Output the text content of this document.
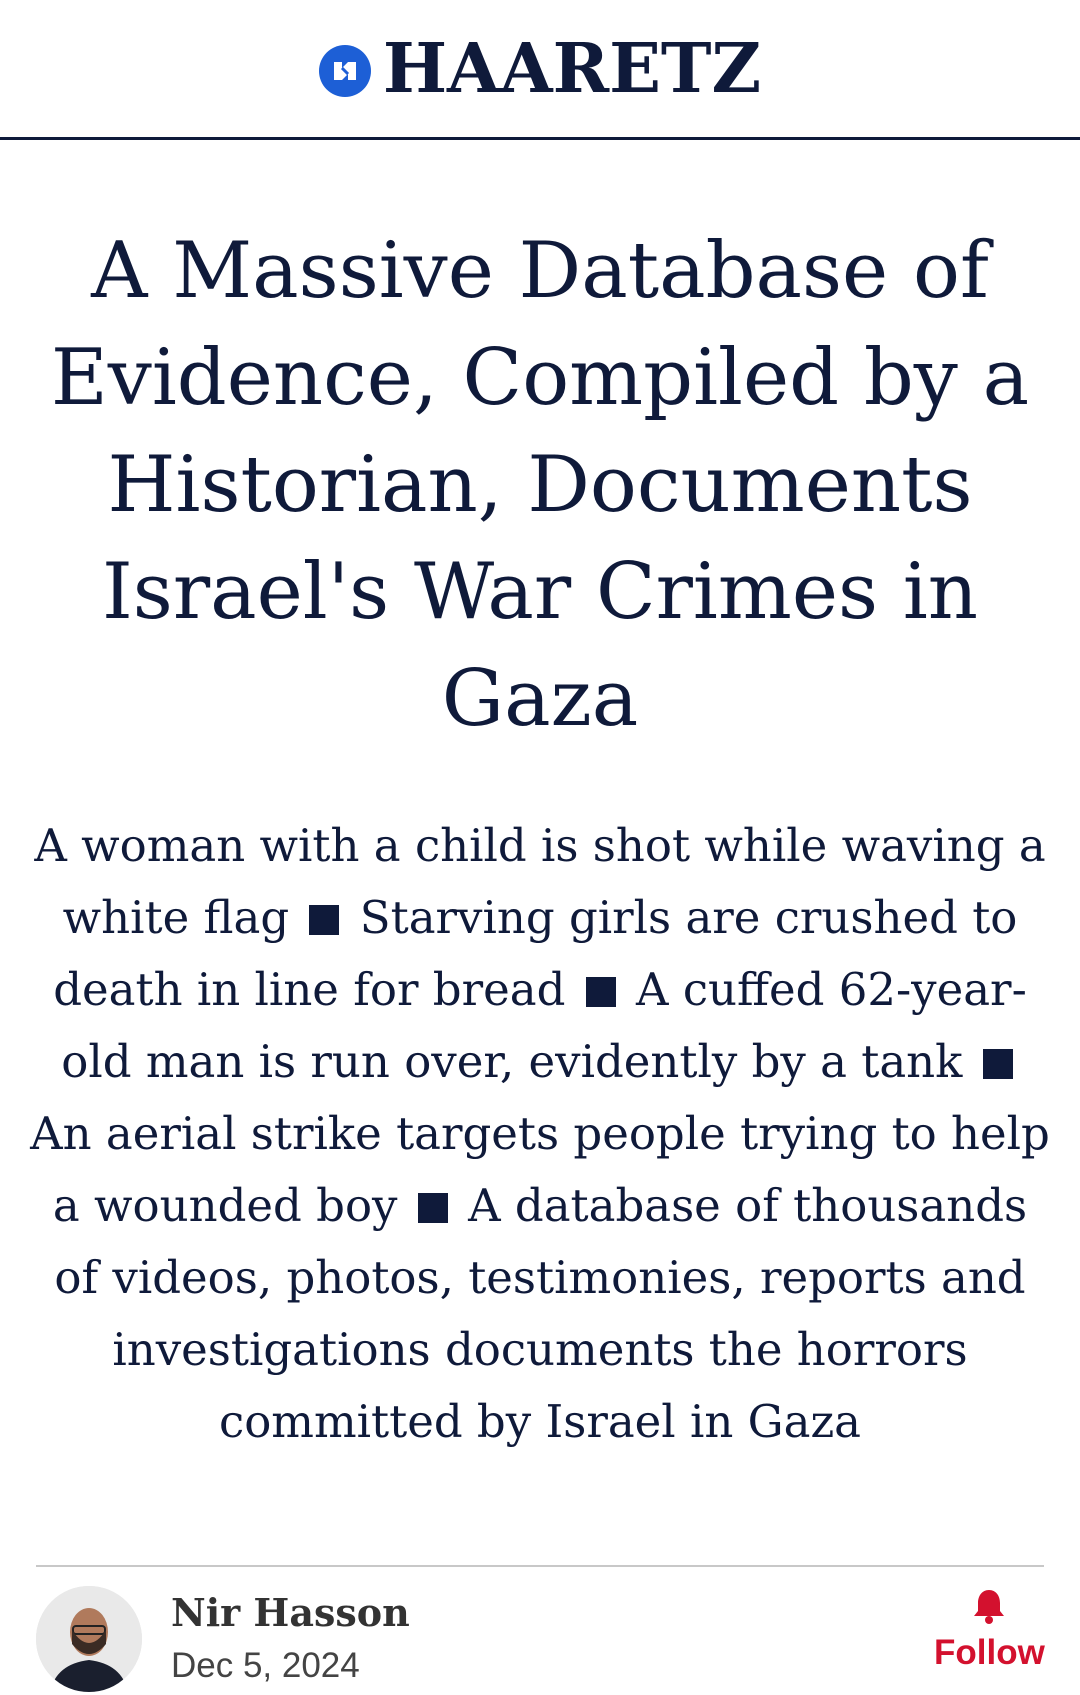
HAARETZ
A Massive Database of Evidence, Compiled by a Historian, Documents Israel's War Crimes in Gaza

A woman with a child is shot while waving a white flag Starving girls are crushed to death in line for bread A cuffed 62-year-old man is run over, evidently by a tank  An aerial strike targets people trying to help a wounded boy A database of thousands of videos, photos, testimonies, reports and investigations documents the horrors committed by Israel in Gaza

Nir Hasson
Dec 5, 2024	Follow
